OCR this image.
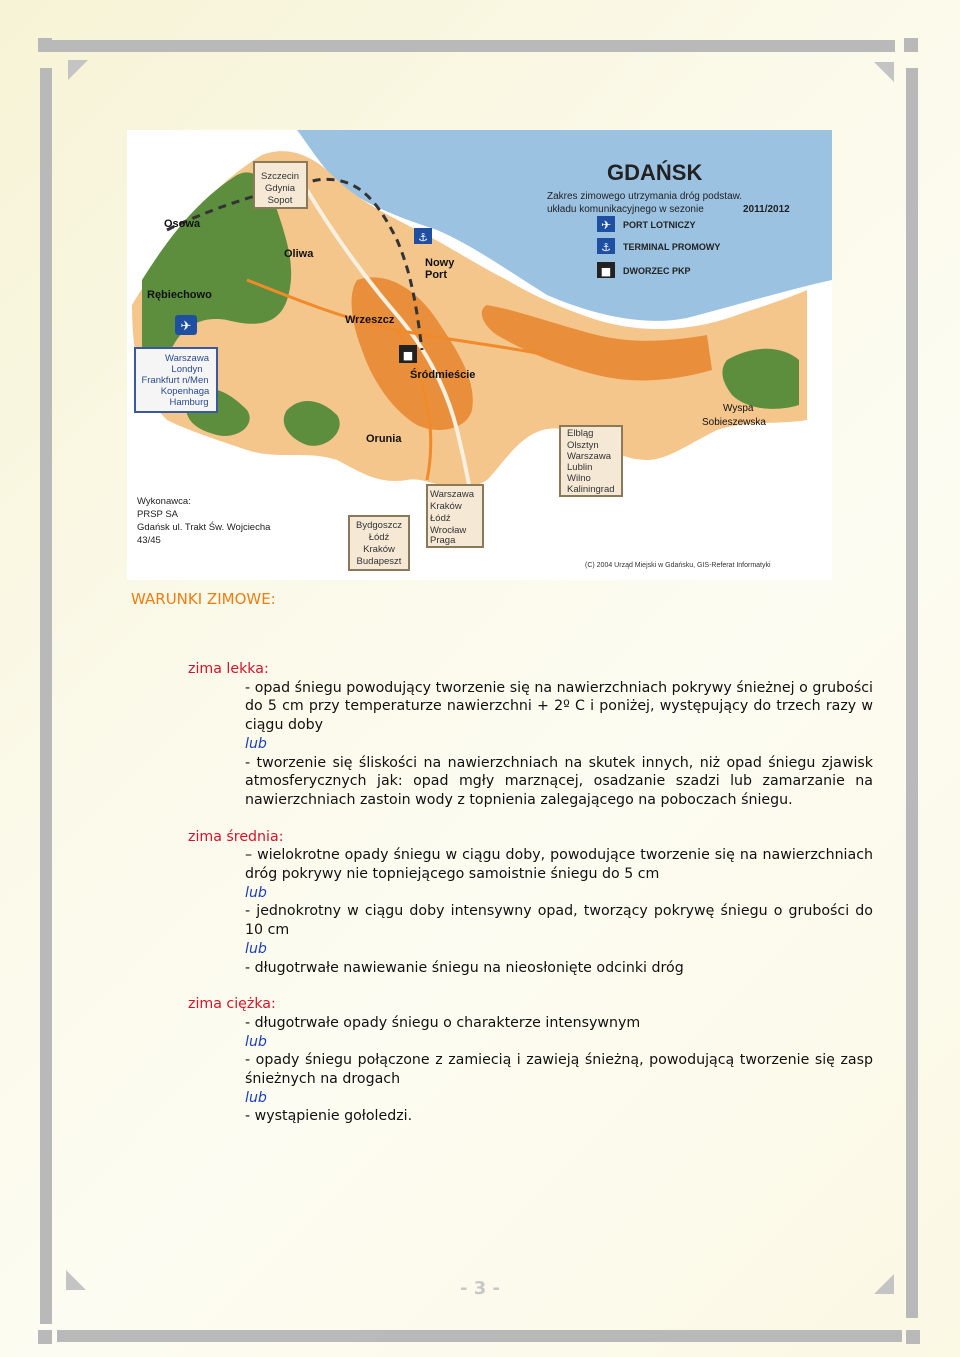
✈
⚓
■
✈
⚓
■
GDAŃSK
Zakres zimowego utrzymania dróg podstaw.
układu komunikacyjnego w sezonie	2011/2012
PORT LOTNICZY
TERMINAL PROMOWY
DWORZEC PKP
Osowa
Oliwa
Rębiechowo
Wrzeszcz
Śródmieście
Orunia
Nowy
Port
Wyspa
Sobieszewska
Szczecin
Gdynia
Sopot
Warszawa
Londyn
Frankfurt n/Men
Kopenhaga
Hamburg
Elbląg
Olsztyn
Warszawa
Lublin
Wilno
Kaliningrad
Warszawa
Kraków
Łódź
Wrocław
Praga
Bydgoszcz
Łódź
Kraków
Budapeszt
Wykonawca:
PRSP SA
Gdańsk ul. Trakt Św. Wojciecha
43/45
(C) 2004 Urząd Miejski w Gdańsku, GIS-Referat Informatyki
WARUNKI ZIMOWE:
zima lekka:

- opad śniegu powodujący tworzenie się na nawierzchniach pokrywy śnieżnej o grubości do 5 cm przy temperaturze nawierzchni + 2º C i poniżej, występujący do trzech razy w ciągu doby

lub

- tworzenie się śliskości na nawierzchniach na skutek innych, niż opad śniegu zjawisk atmosferycznych jak: opad mgły marznącej, osadzanie szadzi lub zamarzanie na nawierzchniach zastoin wody z topnienia zalegającego na poboczach śniegu.

zima średnia:

– wielokrotne opady śniegu w ciągu doby, powodujące tworzenie się na nawierzchniach dróg pokrywy nie topniejącego samoistnie śniegu do 5 cm

lub

- jednokrotny w ciągu doby intensywny opad, tworzący pokrywę śniegu o grubości do 10 cm

lub

- długotrwałe nawiewanie śniegu na nieosłonięte odcinki dróg

zima ciężka:

- długotrwałe opady śniegu o charakterze intensywnym

lub

- opady śniegu połączone z zamiecią i zawieją śnieżną, powodującą tworzenie się zasp śnieżnych na drogach

lub

- wystąpienie gołoledzi.

- 3 -
